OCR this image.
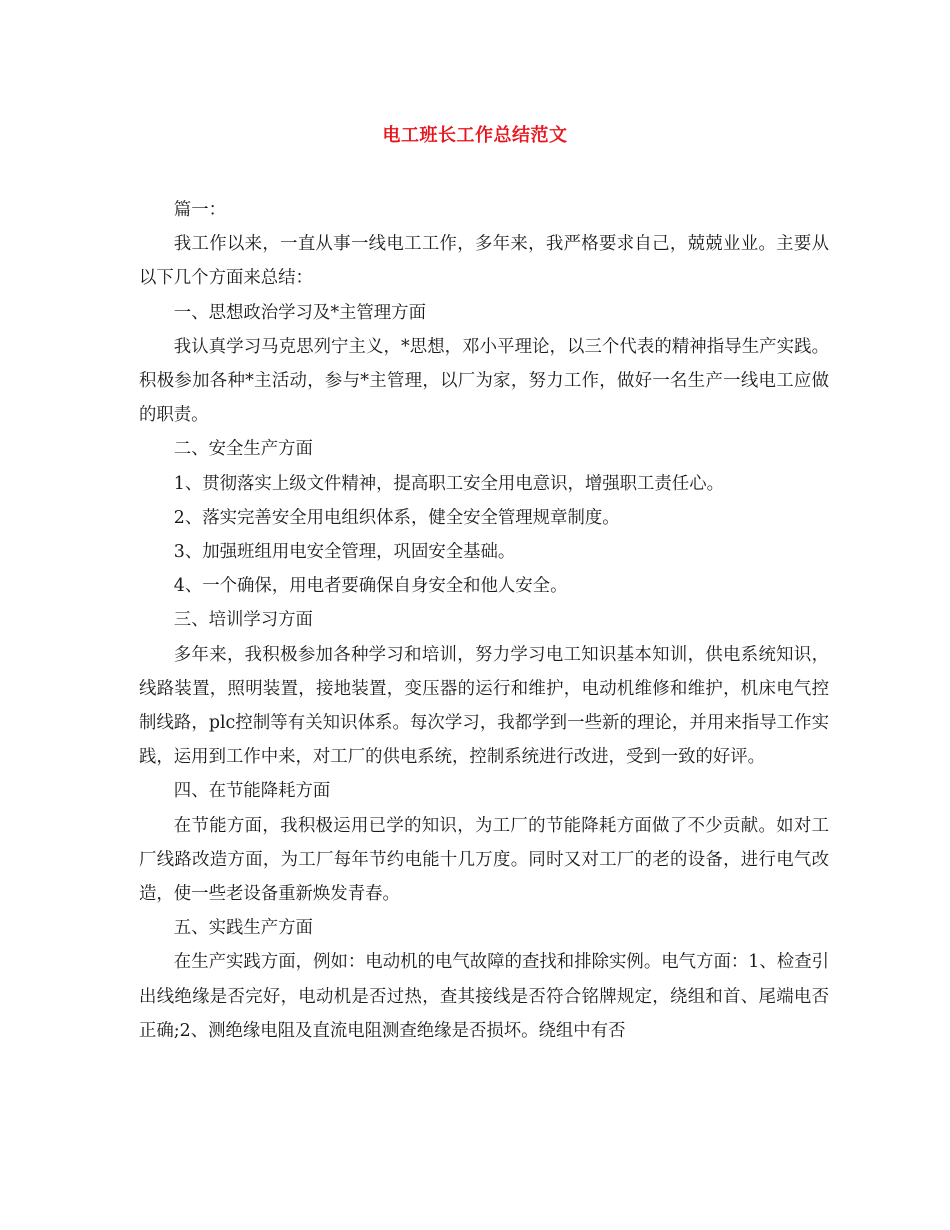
电工班长工作总结范文

篇一：

我工作以来，一直从事一线电工工作，多年来，我严格要求自己，兢兢业业。主要从以下几个方面来总结：

一、思想政治学习及*主管理方面

我认真学习马克思列宁主义，*思想，邓小平理论，以三个代表的精神指导生产实践。积极参加各种*主活动，参与*主管理，以厂为家，努力工作，做好一名生产一线电工应做的职责。

二、安全生产方面

1、贯彻落实上级文件精神，提高职工安全用电意识，增强职工责任心。

2、落实完善安全用电组织体系，健全安全管理规章制度。

3、加强班组用电安全管理，巩固安全基础。

4、一个确保，用电者要确保自身安全和他人安全。

三、培训学习方面

多年来，我积极参加各种学习和培训，努力学习电工知识基本知训，供电系统知识，线路装置，照明装置，接地装置，变压器的运行和维护，电动机维修和维护，机床电气控制线路，plc控制等有关知识体系。每次学习，我都学到一些新的理论，并用来指导工作实践，运用到工作中来，对工厂的供电系统，控制系统进行改进，受到一致的好评。

四、在节能降耗方面

在节能方面，我积极运用已学的知识，为工厂的节能降耗方面做了不少贡献。如对工厂线路改造方面，为工厂每年节约电能十几万度。同时又对工厂的老的设备，进行电气改造，使一些老设备重新焕发青春。

五、实践生产方面

在生产实践方面，例如：电动机的电气故障的查找和排除实例。电气方面：1、检查引出线绝缘是否完好，电动机是否过热，查其接线是否符合铭牌规定，绕组和首、尾端电否正确;2、测绝缘电阻及直流电阻测查绝缘是否损坏。绕组中有否
